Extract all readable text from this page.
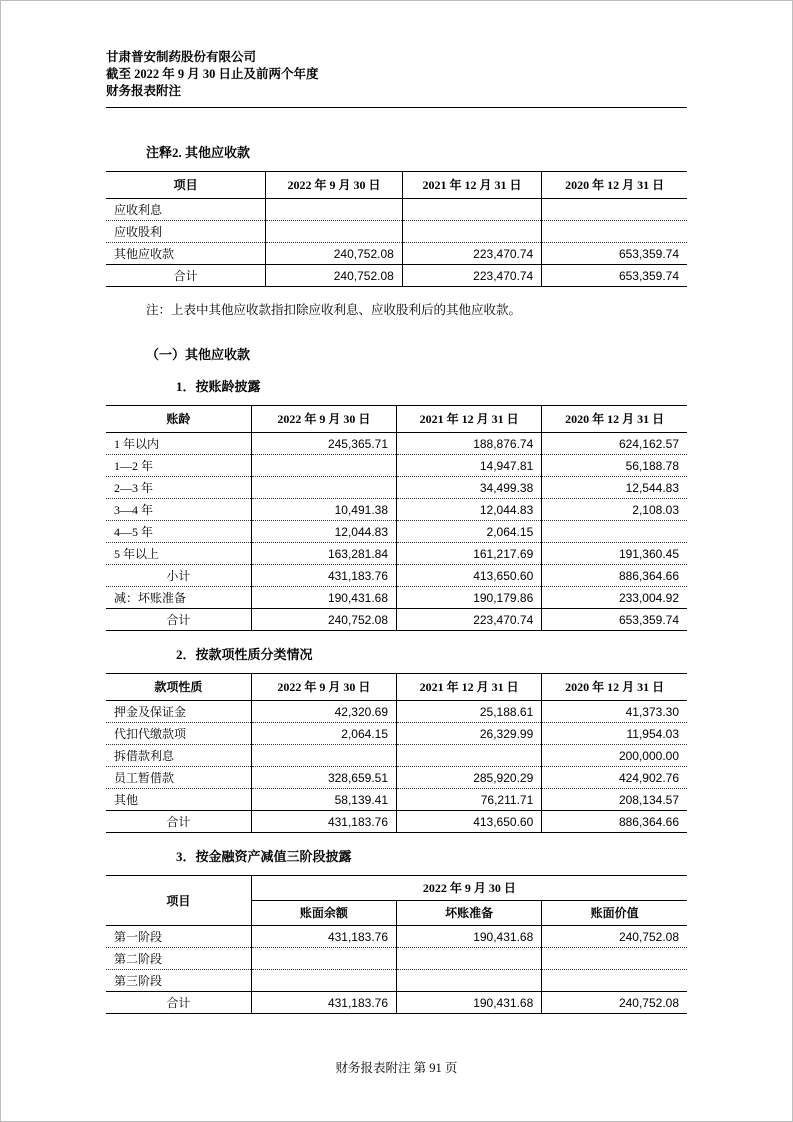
甘肃普安制药股份有限公司
截至 2022 年 9 月 30 日止及前两个年度
财务报表附注
注释2. 其他应收款
项目	2022 年 9 月 30 日	2021 年 12 月 31 日	2020 年 12 月 31 日
应收利息			
应收股利			
其他应收款	240,752.08	223,470.74	653,359.74
合计	240,752.08	223,470.74	653,359.74
注：上表中其他应收款指扣除应收利息、应收股利后的其他应收款。
（一）其他应收款
1．按账龄披露
账龄	2022 年 9 月 30 日	2021 年 12 月 31 日	2020 年 12 月 31 日
1 年以内	245,365.71	188,876.74	624,162.57
1—2 年		14,947.81	56,188.78
2—3 年		34,499.38	12,544.83
3—4 年	10,491.38	12,044.83	2,108.03
4—5 年	12,044.83	2,064.15	
5 年以上	163,281.84	161,217.69	191,360.45
小计	431,183.76	413,650.60	886,364.66
减：坏账准备	190,431.68	190,179.86	233,004.92
合计	240,752.08	223,470.74	653,359.74
2．按款项性质分类情况
款项性质	2022 年 9 月 30 日	2021 年 12 月 31 日	2020 年 12 月 31 日
押金及保证金	42,320.69	25,188.61	41,373.30
代扣代缴款项	2,064.15	26,329.99	11,954.03
拆借款利息			200,000.00
员工暂借款	328,659.51	285,920.29	424,902.76
其他	58,139.41	76,211.71	208,134.57
合计	431,183.76	413,650.60	886,364.66
3．按金融资产减值三阶段披露
项目	2022 年 9 月 30 日		
	账面余额	坏账准备	账面价值
第一阶段	431,183.76	190,431.68	240,752.08
第二阶段			
第三阶段			
合计	431,183.76	190,431.68	240,752.08
财务报表附注 第 91 页
